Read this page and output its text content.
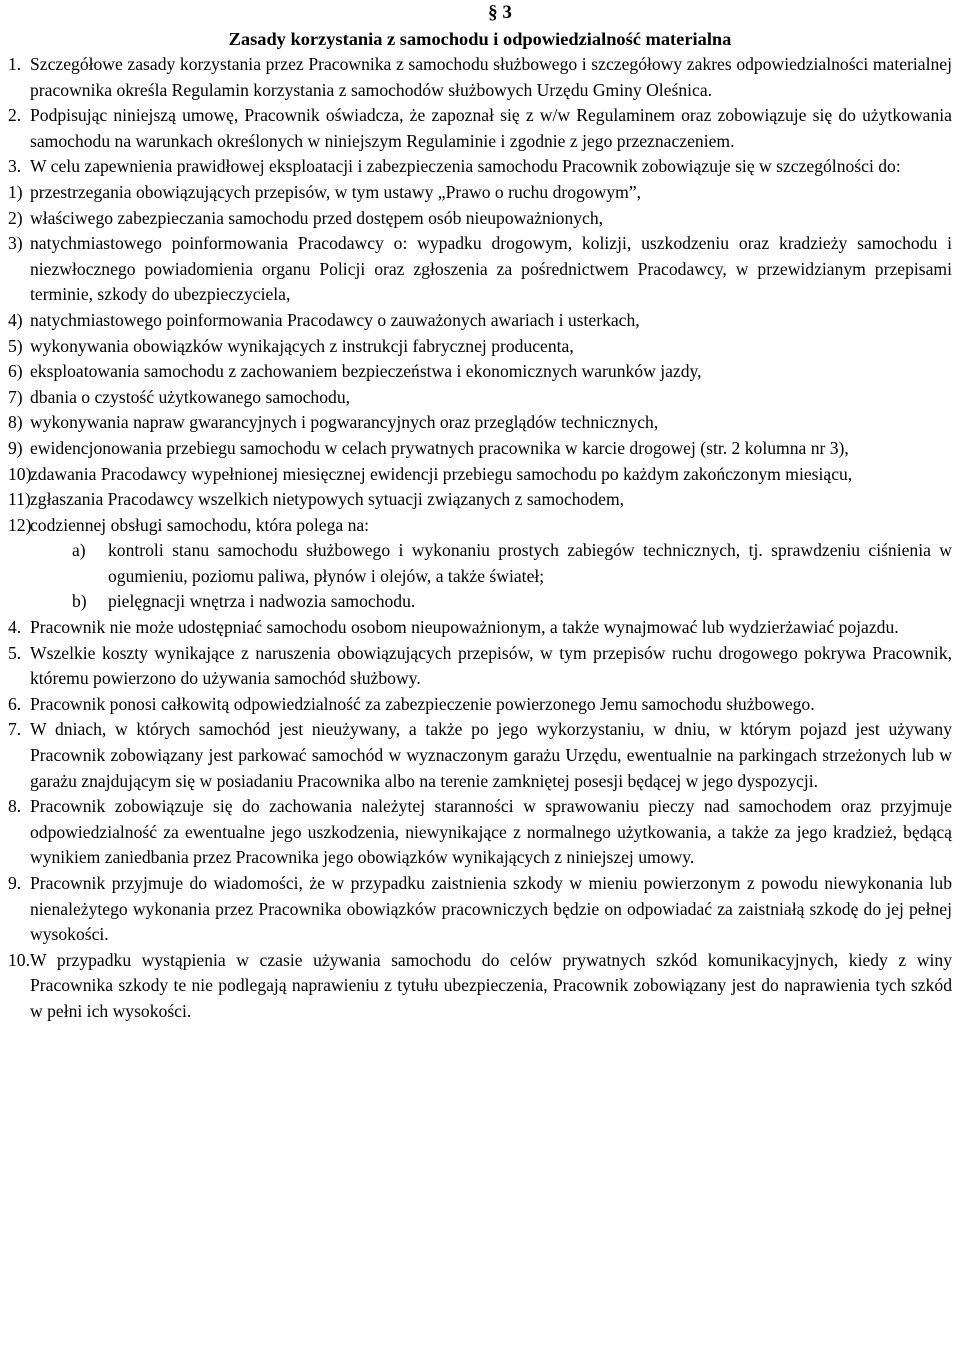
§ 3
Zasady korzystania z samochodu i odpowiedzialność materialna
1. Szczegółowe zasady korzystania przez Pracownika z samochodu służbowego i szczegółowy zakres odpowiedzialności materialnej pracownika określa Regulamin korzystania z samochodów służbowych Urzędu Gminy Oleśnica.
2. Podpisując niniejszą umowę, Pracownik oświadcza, że zapoznał się z w/w Regulaminem oraz zobowiązuje się do użytkowania samochodu na warunkach określonych w niniejszym Regulaminie i zgodnie z jego przeznaczeniem.
3. W celu zapewnienia prawidłowej eksploatacji i zabezpieczenia samochodu Pracownik zobowiązuje się w szczególności do:
1) przestrzegania obowiązujących przepisów, w tym ustawy „Prawo o ruchu drogowym”,
2) właściwego zabezpieczania samochodu przed dostępem osób nieupoważnionych,
3) natychmiastowego poinformowania Pracodawcy o: wypadku drogowym, kolizji, uszkodzeniu oraz kradzieży samochodu i niezwłocznego powiadomienia organu Policji oraz zgłoszenia za pośrednictwem Pracodawcy, w przewidzianym przepisami terminie, szkody do ubezpieczyciela,
4) natychmiastowego poinformowania Pracodawcy o zauważonych awariach i usterkach,
5) wykonywania obowiązków wynikających z instrukcji fabrycznej producenta,
6) eksploatowania samochodu z zachowaniem bezpieczeństwa i ekonomicznych warunków jazdy,
7) dbania o czystość użytkowanego samochodu,
8) wykonywania napraw gwarancyjnych i pogwarancyjnych oraz przeglądów technicznych,
9) ewidencjonowania przebiegu samochodu w celach prywatnych pracownika w karcie drogowej (str. 2 kolumna nr 3),
10)
zdawania Pracodawcy wypełnionej miesięcznej ewidencji przebiegu samochodu po każdym zakończonym miesiącu,
11) zgłaszania Pracodawcy wszelkich nietypowych sytuacji związanych z samochodem,
12)
codziennej obsługi samochodu, która polega na:
a) kontroli stanu samochodu służbowego i wykonaniu prostych zabiegów technicznych, tj. sprawdzeniu ciśnienia w ogumieniu, poziomu paliwa, płynów i olejów, a także świateł;
b) pielęgnacji wnętrza i nadwozia samochodu.
4. Pracownik nie może udostępniać samochodu osobom nieupoważnionym, a także wynajmować lub wydzierżawiać pojazdu.
5. Wszelkie koszty wynikające z naruszenia obowiązujących przepisów, w tym przepisów ruchu drogowego pokrywa Pracownik, któremu powierzono do używania samochód służbowy.
6. Pracownik ponosi całkowitą odpowiedzialność za zabezpieczenie powierzonego Jemu samochodu służbowego.
7. W dniach, w których samochód jest nieużywany, a także po jego wykorzystaniu, w dniu, w którym pojazd jest używany Pracownik zobowiązany jest parkować samochód w wyznaczonym garażu Urzędu, ewentualnie na parkingach strzeżonych lub w garażu znajdującym się w posiadaniu Pracownika albo na terenie zamkniętej posesji będącej w jego dyspozycji.
8. Pracownik zobowiązuje się do zachowania należytej staranności w sprawowaniu pieczy nad samochodem oraz przyjmuje odpowiedzialność za ewentualne jego uszkodzenia, niewynikające z normalnego użytkowania, a także za jego kradzież, będącą wynikiem zaniedbania przez Pracownika jego obowiązków wynikających z niniejszej umowy.
9. Pracownik przyjmuje do wiadomości, że w przypadku zaistnienia szkody w mieniu powierzonym z powodu niewykonania lub nienależytego wykonania przez Pracownika obowiązków pracowniczych będzie on odpowiadać za zaistniałą szkodę do jej pełnej wysokości.
10. W przypadku wystąpienia w czasie używania samochodu do celów prywatnych szkód komunikacyjnych, kiedy z winy Pracownika szkody te nie podlegają naprawieniu z tytułu ubezpieczenia, Pracownik zobowiązany jest do naprawienia tych szkód w pełni ich wysokości.
